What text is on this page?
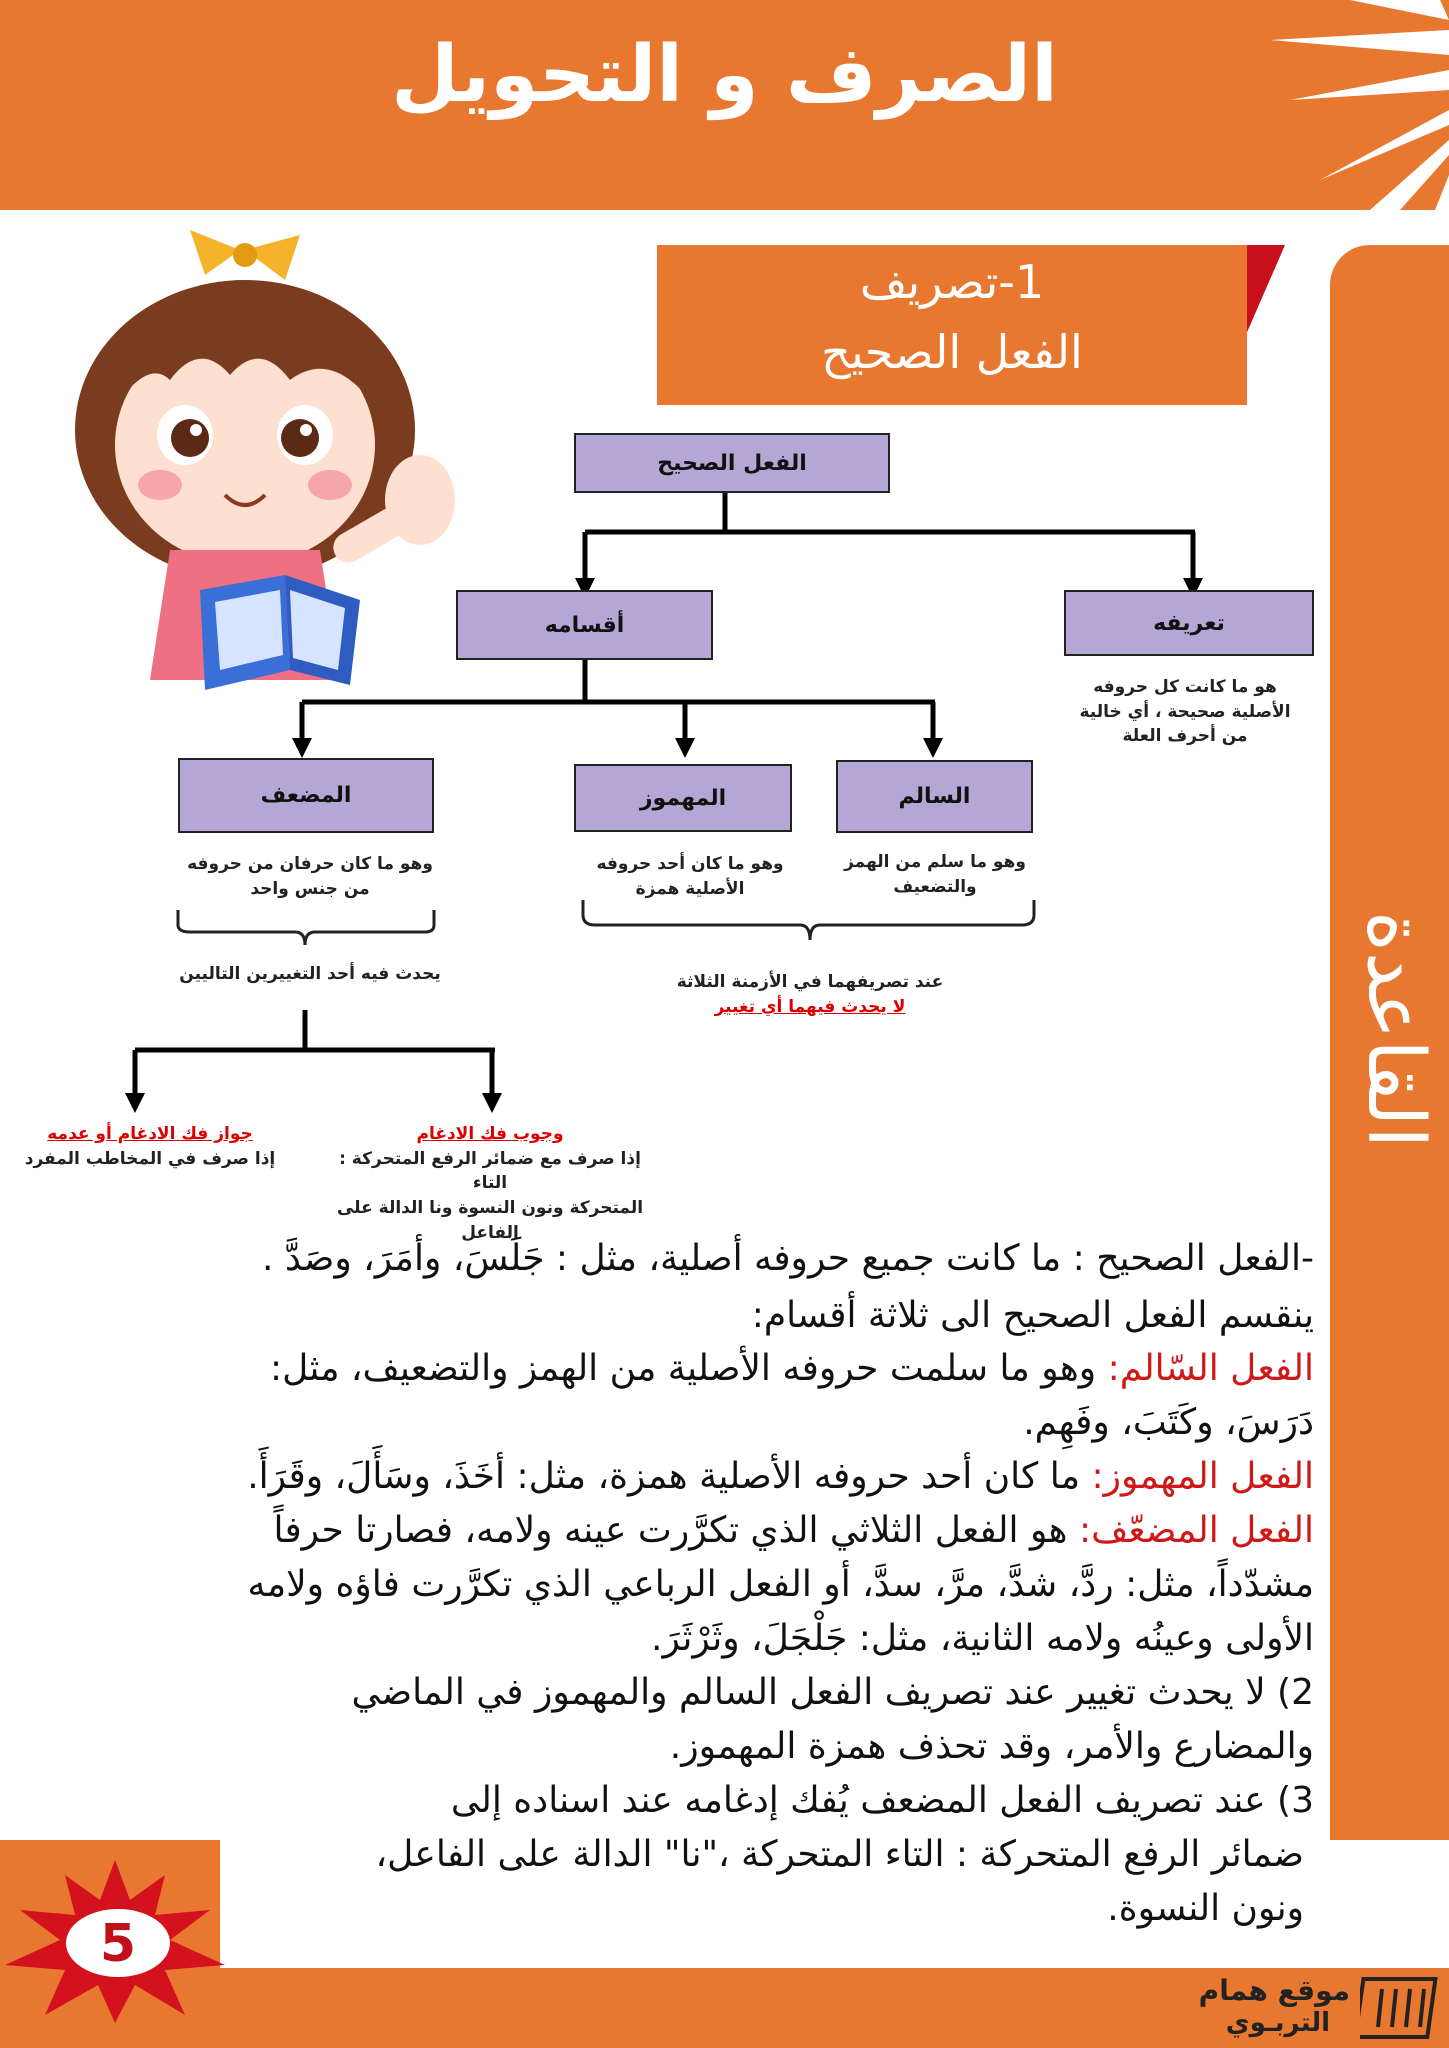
الصرف و التحويل
القاعدة
1-تصريف
الفعل الصحيح
الفعل الصحيح
أقسامه	تعريفه
المضعف	المهموز	السالم
هو ما كانت كل حروفه
الأصلية صحيحة ، أي خالية
من أحرف العلة
وهو ما سلم من الهمز
والتضعيف
وهو ما كان أحد حروفه
الأصلية همزة
وهو ما كان حرفان من حروفه
من جنس واحد
يحدث فيه أحد التغييرين التاليين	عند تصريفهما في الأزمنة الثلاثة
لا يحدث فيهما أي تغيير
وجوب فك الادغام
إذا صرف مع ضمائر الرفع المتحركة : التاء
المتحركة ونون النسوة ونا الدالة على
الفاعل
جواز فك الادغام أو عدمه
إذا صرف في المخاطب المفرد
-الفعل الصحيح : ما كانت جميع حروفه أصلية، مثل : جَلَسَ، وأمَرَ، وصَدَّ .
ينقسم الفعل الصحيح الى ثلاثة أقسام:
الفعل السّالم: وهو ما سلمت حروفه الأصلية من الهمز والتضعيف، مثل:
دَرَسَ، وكَتَبَ، وفَهِم.
الفعل المهموز: ما كان أحد حروفه الأصلية همزة، مثل: أخَذَ، وسَأَلَ، وقَرَأَ.
الفعل المضعّف: هو الفعل الثلاثي الذي تكرَّرت عينه ولامه، فصارتا حرفاً
مشدّداً، مثل: ردَّ، شدَّ، مرَّ، سدَّ، أو الفعل الرباعي الذي تكرَّرت فاؤه ولامه
الأولى وعينُه ولامه الثانية، مثل: جَلْجَلَ، وثَرْثَرَ.
2) لا يحدث تغيير عند تصريف الفعل السالم والمهموز في الماضي
والمضارع والأمر، وقد تحذف همزة المهموز.
3) عند تصريف الفعل المضعف يُفك إدغامه عند اسناده إلى
ضمائر الرفع المتحركة : التاء المتحركة ،"نا" الدالة على الفاعل،
ونون النسوة.
5
موقع همام
التربـوي
